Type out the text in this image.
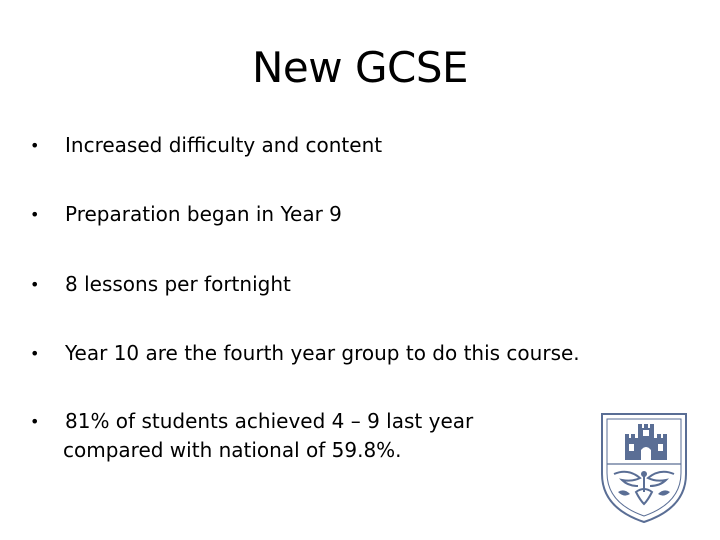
New GCSE
• Increased difficulty and content
• Preparation began in Year 9
• 8 lessons per fortnight
• Year 10 are the fourth year group to do this course.
• 81% of students achieved 4 – 9 last year
compared with national of 59.8%.
